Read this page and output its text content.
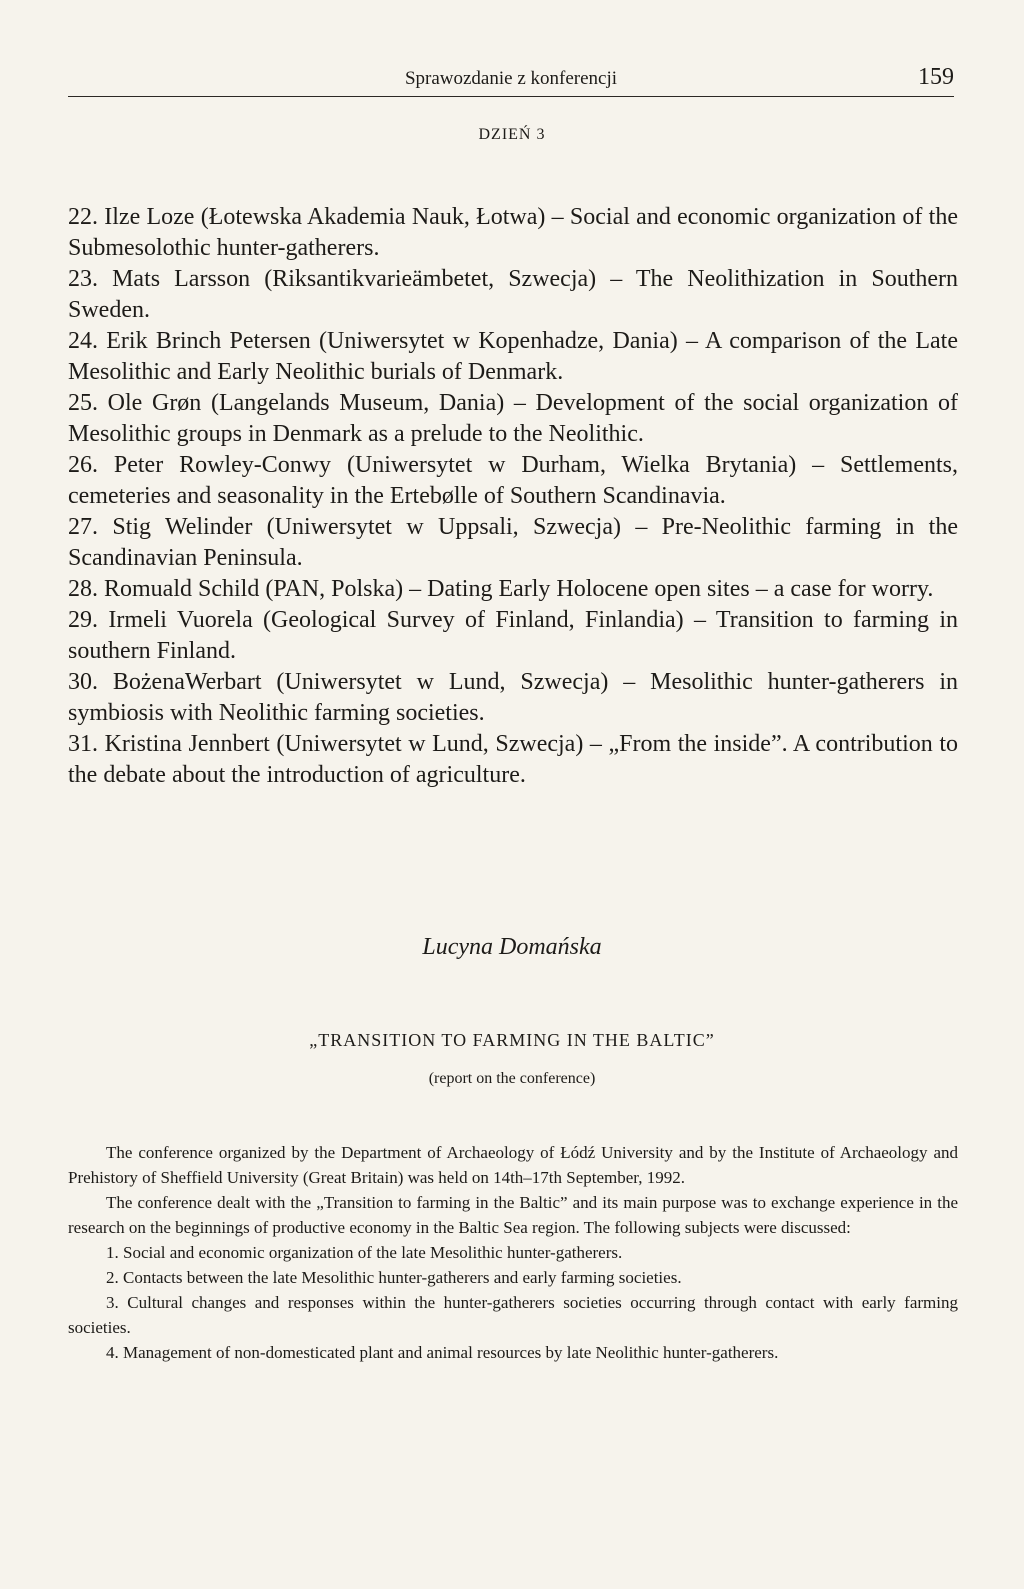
Sprawozdanie z konferencji	159
DZIEŃ 3

22. Ilze Loze (Łotewska Akademia Nauk, Łotwa) – Social and economic organization of the Submesolothic hunter-gatherers.

23. Mats Larsson (Riksantikvarieämbetet, Szwecja) – The Neolithization in Southern Sweden.

24. Erik Brinch Petersen (Uniwersytet w Kopenhadze, Dania) – A comparison of the Late Mesolithic and Early Neolithic burials of Denmark.

25. Ole Grøn (Langelands Museum, Dania) – Development of the social organization of Mesolithic groups in Denmark as a prelude to the Neolithic.

26. Peter Rowley-Conwy (Uniwersytet w Durham, Wielka Brytania) – Settlements, cemeteries and seasonality in the Ertebølle of Southern Scandinavia.

27. Stig Welinder (Uniwersytet w Uppsali, Szwecja) – Pre-Neolithic farming in the Scandinavian Peninsula.

28. Romuald Schild (PAN, Polska) – Dating Early Holocene open sites – a case for worry.

29. Irmeli Vuorela (Geological Survey of Finland, Finlandia) – Transition to farming in southern Finland.

30. BożenaWerbart (Uniwersytet w Lund, Szwecja) – Mesolithic hunter-gatherers in symbiosis with Neolithic farming societies.

31. Kristina Jennbert (Uniwersytet w Lund, Szwecja) – „From the inside”. A contribution to the debate about the introduction of agriculture.

Lucyna Domańska
„TRANSITION TO FARMING IN THE BALTIC”
(report on the conference)

The conference organized by the Department of Archaeology of Łódź University and by the Institute of Archaeology and Prehistory of Sheffield University (Great Britain) was held on 14th–17th September, 1992.

The conference dealt with the „Transition to farming in the Baltic” and its main purpose was to exchange experience in the research on the beginnings of productive economy in the Baltic Sea region. The following subjects were discussed:

1. Social and economic organization of the late Mesolithic hunter-gatherers.

2. Contacts between the late Mesolithic hunter-gatherers and early farming societies.

3. Cultural changes and responses within the hunter-gatherers societies occurring through contact with early farming societies.

4. Management of non-domesticated plant and animal resources by late Neolithic hunter-gatherers.
